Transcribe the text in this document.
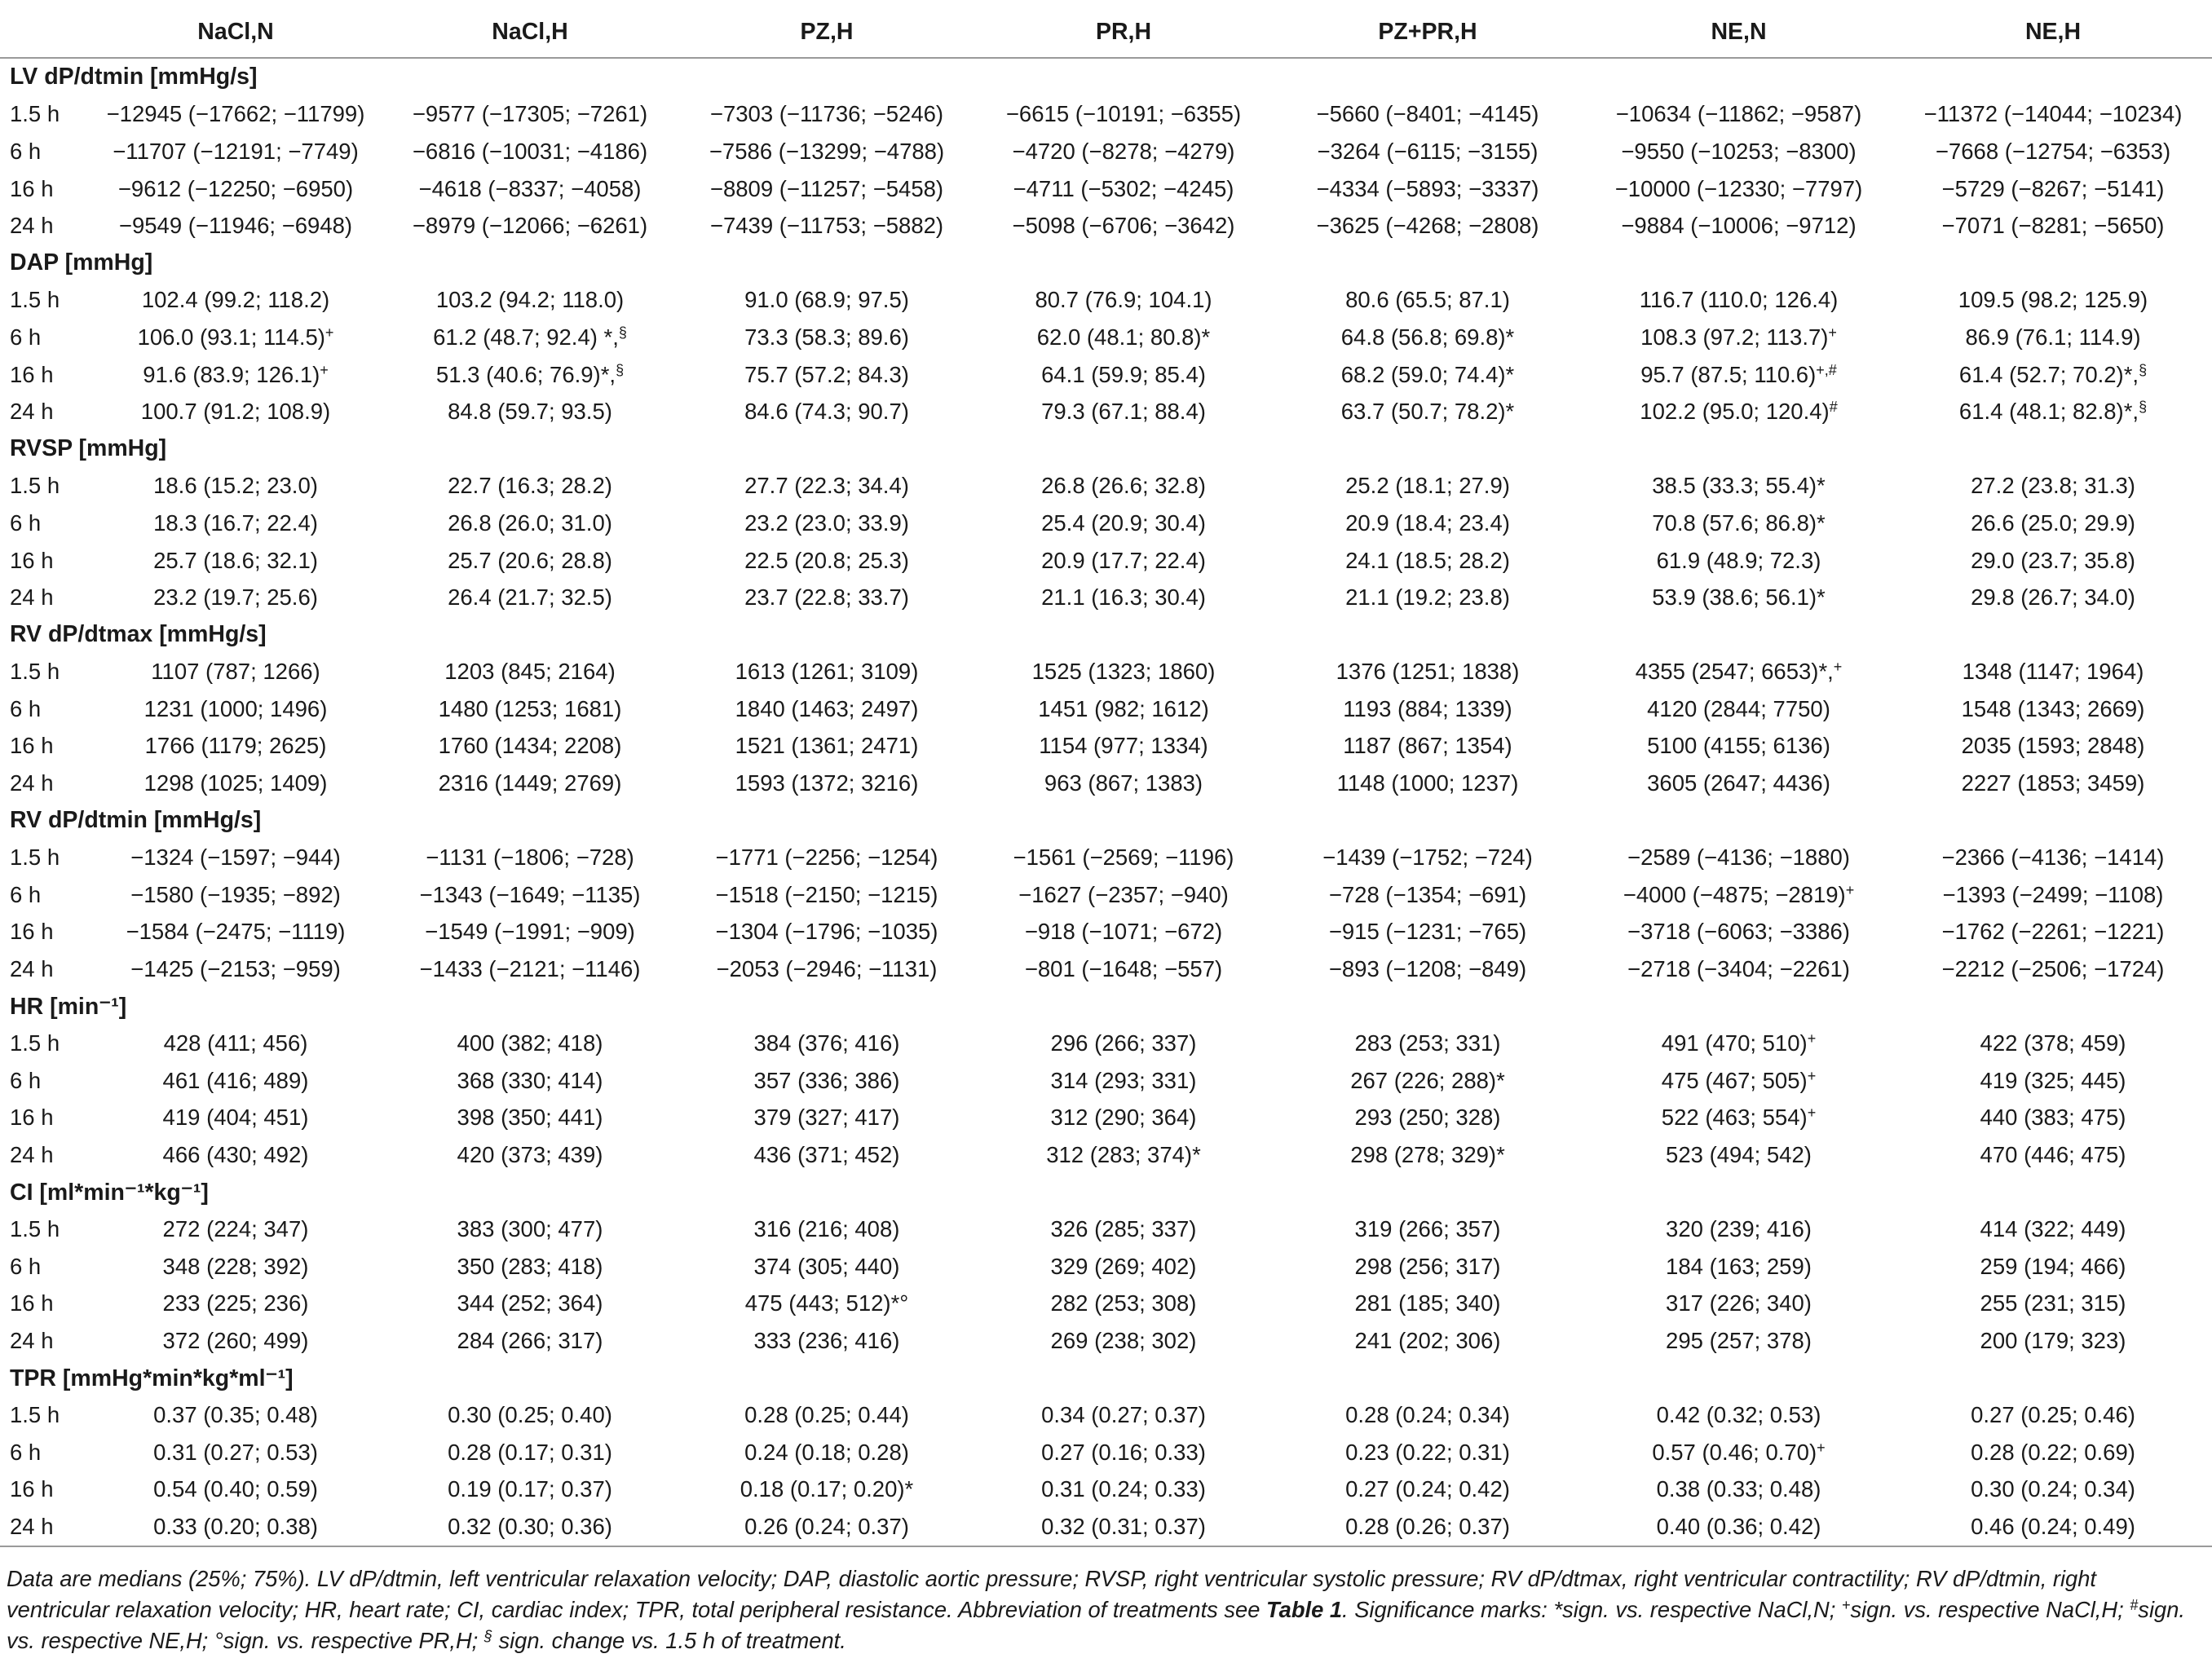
	NaCl,N	NaCl,H	PZ,H	PR,H	PZ+PR,H	NE,N	NE,H
LV dP/dtmin [mmHg/s]							
1.5 h	−12945 (−17662; −11799)	−9577 (−17305; −7261)	−7303 (−11736; −5246)	−6615 (−10191; −6355)	−5660 (−8401; −4145)	−10634 (−11862; −9587)	−11372 (−14044; −10234)
6 h	−11707 (−12191; −7749)	−6816 (−10031; −4186)	−7586 (−13299; −4788)	−4720 (−8278; −4279)	−3264 (−6115; −3155)	−9550 (−10253; −8300)	−7668 (−12754; −6353)
16 h	−9612 (−12250; −6950)	−4618 (−8337; −4058)	−8809 (−11257; −5458)	−4711 (−5302; −4245)	−4334 (−5893; −3337)	−10000 (−12330; −7797)	−5729 (−8267; −5141)
24 h	−9549 (−11946; −6948)	−8979 (−12066; −6261)	−7439 (−11753; −5882)	−5098 (−6706; −3642)	−3625 (−4268; −2808)	−9884 (−10006; −9712)	−7071 (−8281; −5650)
DAP [mmHg]							
1.5 h	102.4 (99.2; 118.2)	103.2 (94.2; 118.0)	91.0 (68.9; 97.5)	80.7 (76.9; 104.1)	80.6 (65.5; 87.1)	116.7 (110.0; 126.4)	109.5 (98.2; 125.9)
6 h	106.0 (93.1; 114.5)+	61.2 (48.7; 92.4) *,§	73.3 (58.3; 89.6)	62.0 (48.1; 80.8)*	64.8 (56.8; 69.8)*	108.3 (97.2; 113.7)+	86.9 (76.1; 114.9)
16 h	91.6 (83.9; 126.1)+	51.3 (40.6; 76.9)*,§	75.7 (57.2; 84.3)	64.1 (59.9; 85.4)	68.2 (59.0; 74.4)*	95.7 (87.5; 110.6)+,#	61.4 (52.7; 70.2)*,§
24 h	100.7 (91.2; 108.9)	84.8 (59.7; 93.5)	84.6 (74.3; 90.7)	79.3 (67.1; 88.4)	63.7 (50.7; 78.2)*	102.2 (95.0; 120.4)#	61.4 (48.1; 82.8)*,§
RVSP [mmHg]							
1.5 h	18.6 (15.2; 23.0)	22.7 (16.3; 28.2)	27.7 (22.3; 34.4)	26.8 (26.6; 32.8)	25.2 (18.1; 27.9)	38.5 (33.3; 55.4)*	27.2 (23.8; 31.3)
6 h	18.3 (16.7; 22.4)	26.8 (26.0; 31.0)	23.2 (23.0; 33.9)	25.4 (20.9; 30.4)	20.9 (18.4; 23.4)	70.8 (57.6; 86.8)*	26.6 (25.0; 29.9)
16 h	25.7 (18.6; 32.1)	25.7 (20.6; 28.8)	22.5 (20.8; 25.3)	20.9 (17.7; 22.4)	24.1 (18.5; 28.2)	61.9 (48.9; 72.3)	29.0 (23.7; 35.8)
24 h	23.2 (19.7; 25.6)	26.4 (21.7; 32.5)	23.7 (22.8; 33.7)	21.1 (16.3; 30.4)	21.1 (19.2; 23.8)	53.9 (38.6; 56.1)*	29.8 (26.7; 34.0)
RV dP/dtmax [mmHg/s]							
1.5 h	1107 (787; 1266)	1203 (845; 2164)	1613 (1261; 3109)	1525 (1323; 1860)	1376 (1251; 1838)	4355 (2547; 6653)*,+	1348 (1147; 1964)
6 h	1231 (1000; 1496)	1480 (1253; 1681)	1840 (1463; 2497)	1451 (982; 1612)	1193 (884; 1339)	4120 (2844; 7750)	1548 (1343; 2669)
16 h	1766 (1179; 2625)	1760 (1434; 2208)	1521 (1361; 2471)	1154 (977; 1334)	1187 (867; 1354)	5100 (4155; 6136)	2035 (1593; 2848)
24 h	1298 (1025; 1409)	2316 (1449; 2769)	1593 (1372; 3216)	963 (867; 1383)	1148 (1000; 1237)	3605 (2647; 4436)	2227 (1853; 3459)
RV dP/dtmin [mmHg/s]							
1.5 h	−1324 (−1597; −944)	−1131 (−1806; −728)	−1771 (−2256; −1254)	−1561 (−2569; −1196)	−1439 (−1752; −724)	−2589 (−4136; −1880)	−2366 (−4136; −1414)
6 h	−1580 (−1935; −892)	−1343 (−1649; −1135)	−1518 (−2150; −1215)	−1627 (−2357; −940)	−728 (−1354; −691)	−4000 (−4875; −2819)+	−1393 (−2499; −1108)
16 h	−1584 (−2475; −1119)	−1549 (−1991; −909)	−1304 (−1796; −1035)	−918 (−1071; −672)	−915 (−1231; −765)	−3718 (−6063; −3386)	−1762 (−2261; −1221)
24 h	−1425 (−2153; −959)	−1433 (−2121; −1146)	−2053 (−2946; −1131)	−801 (−1648; −557)	−893 (−1208; −849)	−2718 (−3404; −2261)	−2212 (−2506; −1724)
HR [min⁻¹]							
1.5 h	428 (411; 456)	400 (382; 418)	384 (376; 416)	296 (266; 337)	283 (253; 331)	491 (470; 510)+	422 (378; 459)
6 h	461 (416; 489)	368 (330; 414)	357 (336; 386)	314 (293; 331)	267 (226; 288)*	475 (467; 505)+	419 (325; 445)
16 h	419 (404; 451)	398 (350; 441)	379 (327; 417)	312 (290; 364)	293 (250; 328)	522 (463; 554)+	440 (383; 475)
24 h	466 (430; 492)	420 (373; 439)	436 (371; 452)	312 (283; 374)*	298 (278; 329)*	523 (494; 542)	470 (446; 475)
CI [ml*min⁻¹*kg⁻¹]							
1.5 h	272 (224; 347)	383 (300; 477)	316 (216; 408)	326 (285; 337)	319 (266; 357)	320 (239; 416)	414 (322; 449)
6 h	348 (228; 392)	350 (283; 418)	374 (305; 440)	329 (269; 402)	298 (256; 317)	184 (163; 259)	259 (194; 466)
16 h	233 (225; 236)	344 (252; 364)	475 (443; 512)*°	282 (253; 308)	281 (185; 340)	317 (226; 340)	255 (231; 315)
24 h	372 (260; 499)	284 (266; 317)	333 (236; 416)	269 (238; 302)	241 (202; 306)	295 (257; 378)	200 (179; 323)
TPR [mmHg*min*kg*ml⁻¹]							
1.5 h	0.37 (0.35; 0.48)	0.30 (0.25; 0.40)	0.28 (0.25; 0.44)	0.34 (0.27; 0.37)	0.28 (0.24; 0.34)	0.42 (0.32; 0.53)	0.27 (0.25; 0.46)
6 h	0.31 (0.27; 0.53)	0.28 (0.17; 0.31)	0.24 (0.18; 0.28)	0.27 (0.16; 0.33)	0.23 (0.22; 0.31)	0.57 (0.46; 0.70)+	0.28 (0.22; 0.69)
16 h	0.54 (0.40; 0.59)	0.19 (0.17; 0.37)	0.18 (0.17; 0.20)*	0.31 (0.24; 0.33)	0.27 (0.24; 0.42)	0.38 (0.33; 0.48)	0.30 (0.24; 0.34)
24 h	0.33 (0.20; 0.38)	0.32 (0.30; 0.36)	0.26 (0.24; 0.37)	0.32 (0.31; 0.37)	0.28 (0.26; 0.37)	0.40 (0.36; 0.42)	0.46 (0.24; 0.49)
Data are medians (25%; 75%). LV dP/dtmin, left ventricular relaxation velocity; DAP, diastolic aortic pressure; RVSP, right ventricular systolic pressure; RV dP/dtmax, right ventricular contractility; RV dP/dtmin, right ventricular relaxation velocity; HR, heart rate; CI, cardiac index; TPR, total peripheral resistance. Abbreviation of treatments see Table 1. Significance marks: *sign. vs. respective NaCl,N; +sign. vs. respective NaCl,H; #sign. vs. respective NE,H; °sign. vs. respective PR,H; § sign. change vs. 1.5 h of treatment.
